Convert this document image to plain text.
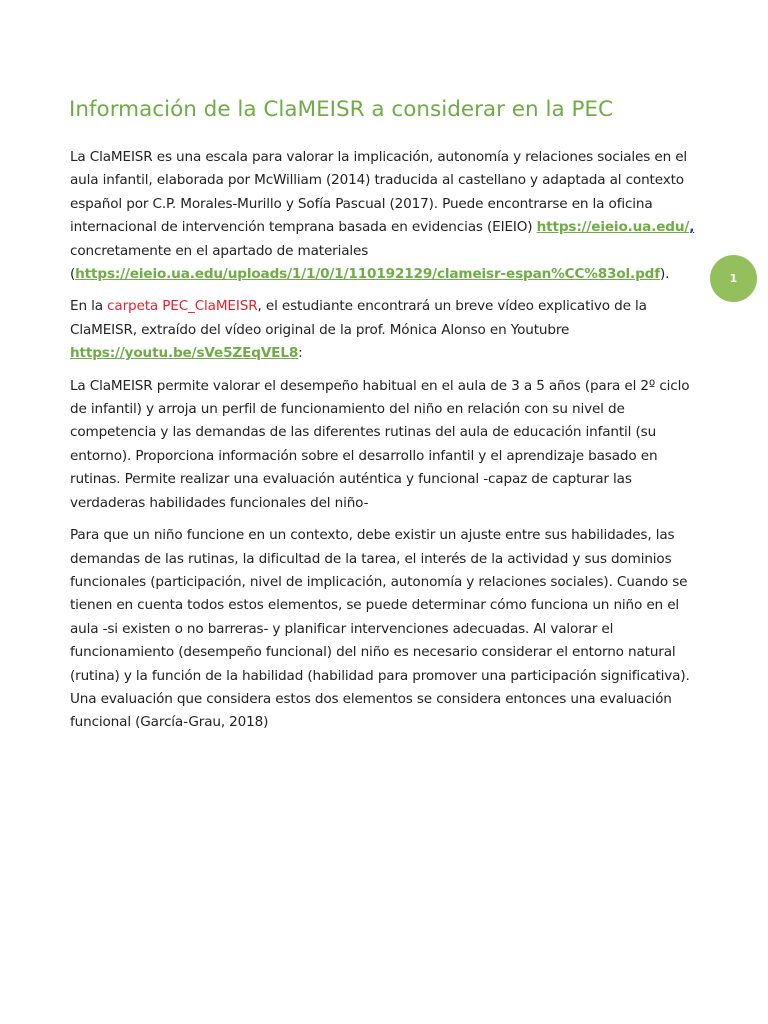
Información de la ClaMEISR a considerar en la PEC

La ClaMEISR es una escala para valorar la implicación, autonomía y relaciones sociales en el aula infantil, elaborada por McWilliam (2014) traducida al castellano y adaptada al contexto español por C.P. Morales-Murillo y Sofía Pascual (2017). Puede encontrarse en la oficina internacional de intervención temprana basada en evidencias (EIEIO) https://eieio.ua.edu/, concretamente en el apartado de materiales (https://eieio.ua.edu/uploads/1/1/0/1/110192129/clameisr-espan%CC%83ol.pdf).

En la carpeta PEC_ClaMEISR, el estudiante encontrará un breve vídeo explicativo de la ClaMEISR, extraído del vídeo original de la prof. Mónica Alonso en Youtubre https://youtu.be/sVe5ZEqVEL8:

La ClaMEISR permite valorar el desempeño habitual en el aula de 3 a 5 años (para el 2º ciclo de infantil) y arroja un perfil de funcionamiento del niño en relación con su nivel de competencia y las demandas de las diferentes rutinas del aula de educación infantil (su entorno). Proporciona información sobre el desarrollo infantil y el aprendizaje basado en rutinas. Permite realizar una evaluación auténtica y funcional -capaz de capturar las verdaderas habilidades funcionales del niño-

Para que un niño funcione en un contexto, debe existir un ajuste entre sus habilidades, las demandas de las rutinas, la dificultad de la tarea, el interés de la actividad y sus dominios funcionales (participación, nivel de implicación, autonomía y relaciones sociales). Cuando se tienen en cuenta todos estos elementos, se puede determinar cómo funciona un niño en el aula -si existen o no barreras- y planificar intervenciones adecuadas. Al valorar el funcionamiento (desempeño funcional) del niño es necesario considerar el entorno natural (rutina) y la función de la habilidad (habilidad para promover una participación significativa). Una evaluación que considera estos dos elementos se considera entonces una evaluación funcional (García-Grau, 2018)

1
